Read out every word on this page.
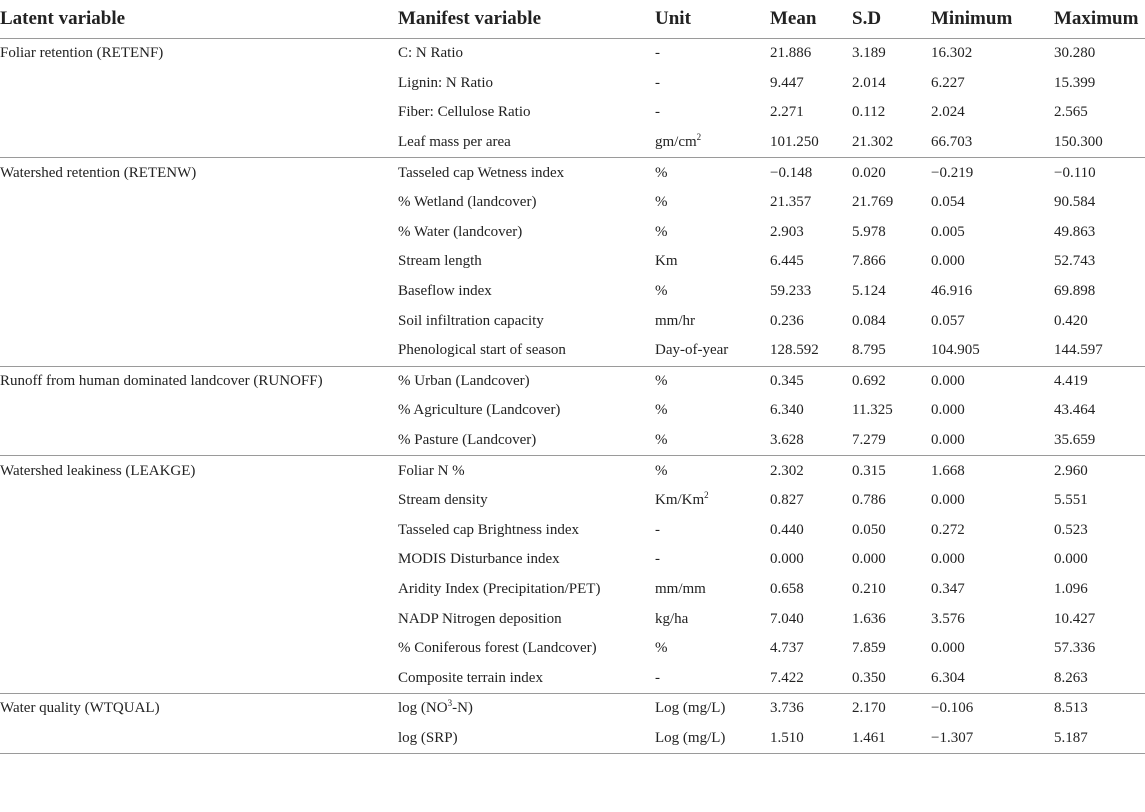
Latent variable	Manifest variable	Unit	Mean	S.D	Minimum	Maximum
Foliar retention (RETENF)	C: N Ratio	-	21.886	3.189	16.302	30.280
	Lignin: N Ratio	-	9.447	2.014	6.227	15.399
	Fiber: Cellulose Ratio	-	2.271	0.112	2.024	2.565
	Leaf mass per area	$gm/cm^2$	101.250	21.302	66.703	150.300
Watershed retention (RETENW)	Tasseled cap Wetness index	%	−0.148	0.020	−0.219	−0.110
	% Wetland (landcover)	%	21.357	21.769	0.054	90.584
	% Water (landcover)	%	2.903	5.978	0.005	49.863
	Stream length	Km	6.445	7.866	0.000	52.743
	Baseflow index	%	59.233	5.124	46.916	69.898
	Soil infiltration capacity	mm/hr	0.236	0.084	0.057	0.420
	Phenological start of season	Day-of-year	128.592	8.795	104.905	144.597
Runoff from human dominated landcover (RUNOFF)	% Urban (Landcover)	%	0.345	0.692	0.000	4.419
	% Agriculture (Landcover)	%	6.340	11.325	0.000	43.464
	% Pasture (Landcover)	%	3.628	7.279	0.000	35.659
Watershed leakiness (LEAKGE)	Foliar N %	%	2.302	0.315	1.668	2.960
	Stream density	Km/Km$^2$	0.827	0.786	0.000	5.551
	Tasseled cap Brightness index	-	0.440	0.050	0.272	0.523
	MODIS Disturbance index	-	0.000	0.000	0.000	0.000
	Aridity Index (Precipitation/PET)	mm/mm	0.658	0.210	0.347	1.096
	NADP Nitrogen deposition	kg/ha	7.040	1.636	3.576	10.427
	% Coniferous forest (Landcover)	%	4.737	7.859	0.000	57.336
	Composite terrain index	-	7.422	0.350	6.304	8.263
Water quality (WTQUAL)	$\log (NO^3-N)$	Log (mg/L)	3.736	2.170	−0.106	8.513
	log (SRP)	Log (mg/L)	1.510	1.461	−1.307	5.187
